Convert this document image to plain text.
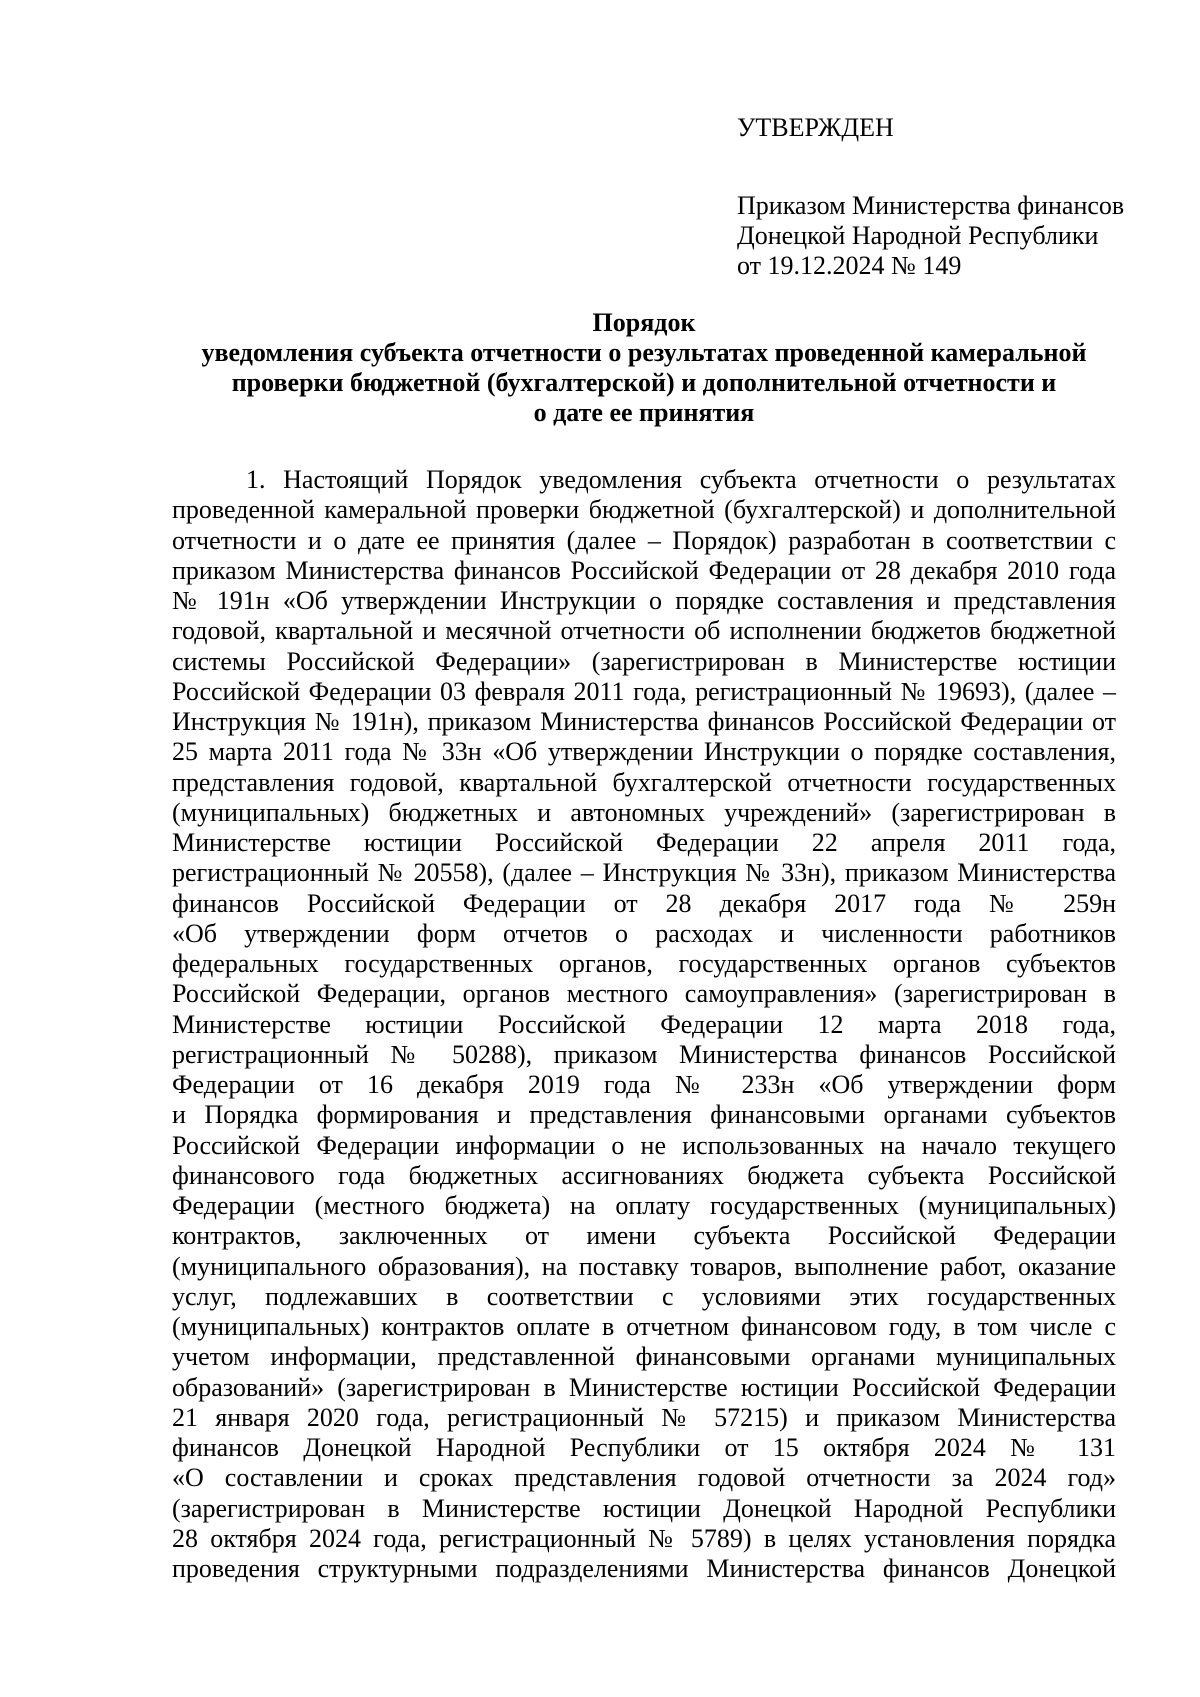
УТВЕРЖДЕН
Приказом Министерства финансов
Донецкой Народной Республики
от 19.12.2024 № 149
Порядок
уведомления субъекта отчетности о результатах проведенной камеральной
проверки бюджетной (бухгалтерской) и дополнительной отчетности и
о дате ее принятия
1. Настоящий Порядок уведомления субъекта отчетности о результатах
проведенной камеральной проверки бюджетной (бухгалтерской) и дополнительной
отчетности и о дате ее принятия (далее – Порядок) разработан в соответствии с
приказом Министерства финансов Российской Федерации от 28 декабря 2010 года
№ 191н «Об утверждении Инструкции о порядке составления и представления
годовой, квартальной и месячной отчетности об исполнении бюджетов бюджетной
системы Российской Федерации» (зарегистрирован в Министерстве юстиции
Российской Федерации 03 февраля 2011 года, регистрационный № 19693), (далее –
Инструкция № 191н), приказом Министерства финансов Российской Федерации от
25 марта 2011 года № 33н «Об утверждении Инструкции о порядке составления,
представления годовой, квартальной бухгалтерской отчетности государственных
(муниципальных) бюджетных и автономных учреждений» (зарегистрирован в
Министерстве юстиции Российской Федерации 22 апреля 2011 года,
регистрационный № 20558), (далее – Инструкция № 33н), приказом Министерства
финансов Российской Федерации от 28 декабря 2017 года № 259н
«Об утверждении форм отчетов о расходах и численности работников
федеральных государственных органов, государственных органов субъектов
Российской Федерации, органов местного самоуправления» (зарегистрирован в
Министерстве юстиции Российской Федерации 12 марта 2018 года,
регистрационный № 50288), приказом Министерства финансов Российской
Федерации от 16 декабря 2019 года № 233н «Об утверждении форм
и Порядка формирования и представления финансовыми органами субъектов
Российской Федерации информации о не использованных на начало текущего
финансового года бюджетных ассигнованиях бюджета субъекта Российской
Федерации (местного бюджета) на оплату государственных (муниципальных)
контрактов, заключенных от имени субъекта Российской Федерации
(муниципального образования), на поставку товаров, выполнение работ, оказание
услуг, подлежавших в соответствии с условиями этих государственных
(муниципальных) контрактов оплате в отчетном финансовом году, в том числе с
учетом информации, представленной финансовыми органами муниципальных
образований» (зарегистрирован в Министерстве юстиции Российской Федерации
21 января 2020 года, регистрационный № 57215) и приказом Министерства
финансов Донецкой Народной Республики от 15 октября 2024 № 131
«О составлении и сроках представления годовой отчетности за 2024 год»
(зарегистрирован в Министерстве юстиции Донецкой Народной Республики
28 октября 2024 года, регистрационный № 5789) в целях установления порядка
проведения структурными подразделениями Министерства финансов Донецкой
